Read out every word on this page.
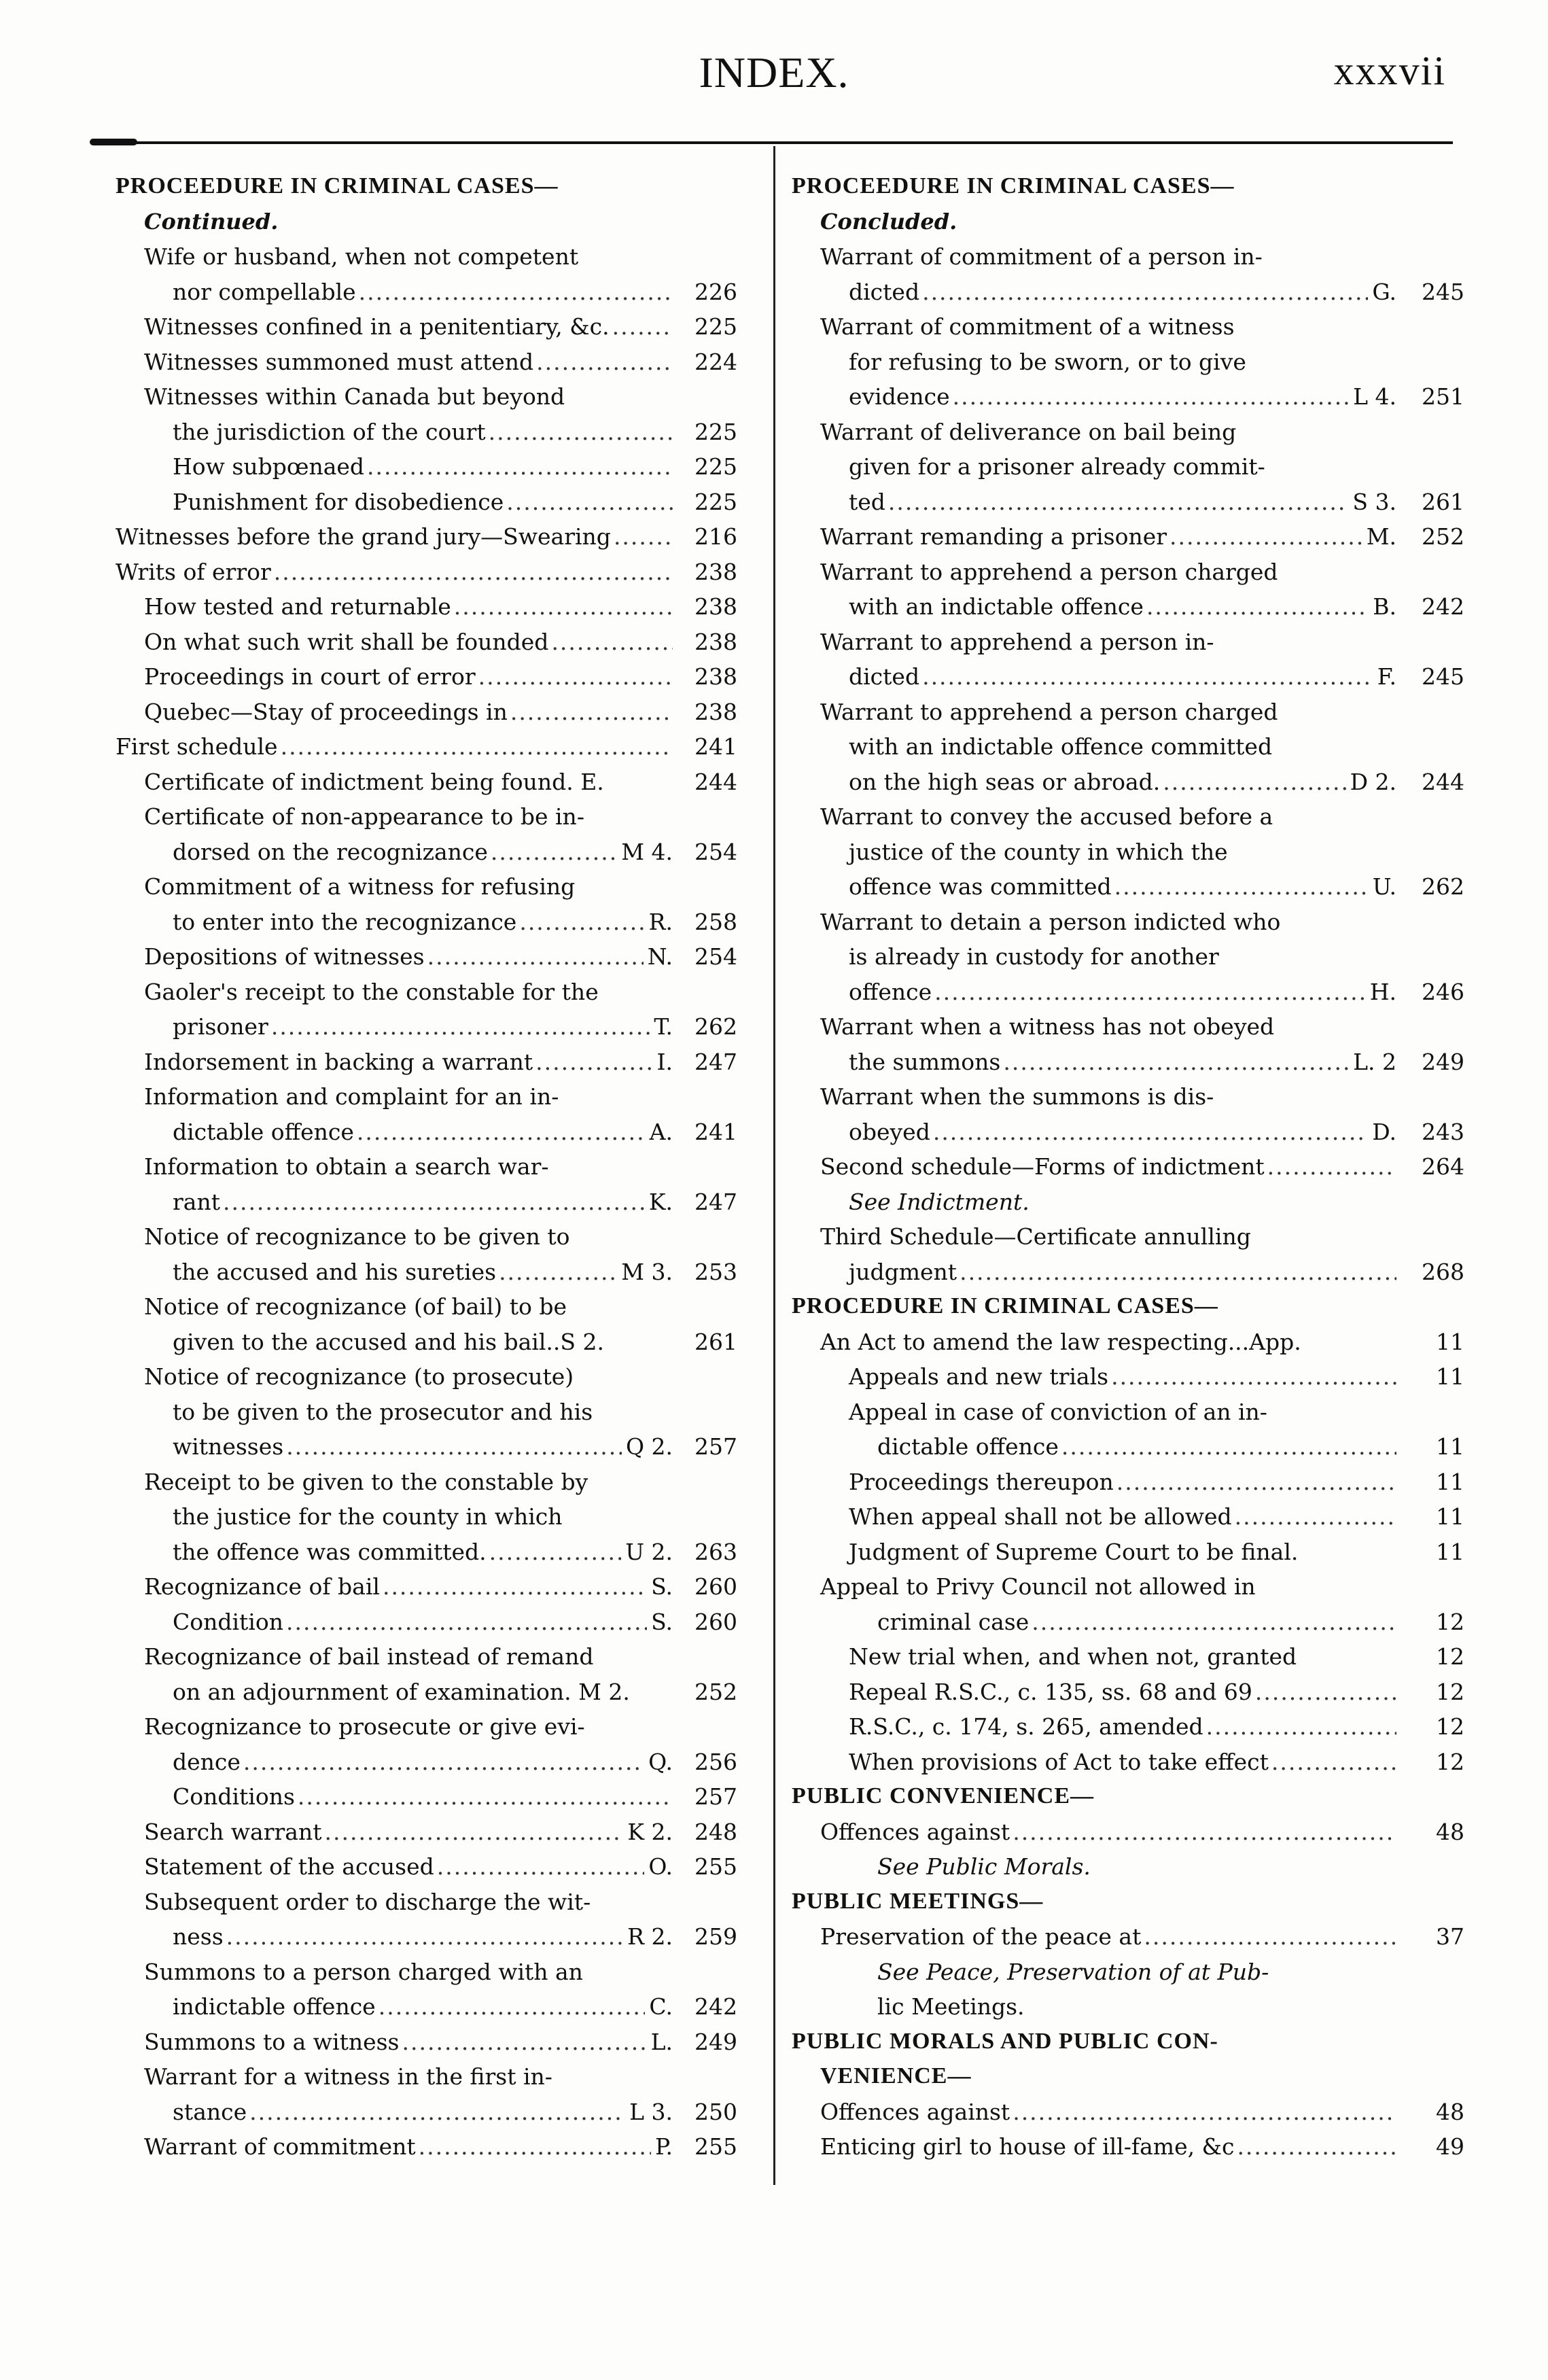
INDEX.	xxxvii
PROCEEDURE IN CRIMINAL CASES—
Continued.
Wife or husband, when not competent
nor compellable .....	226
Witnesses confined in a penitentiary, &c. .....	225
Witnesses summoned must attend .....	224
Witnesses within Canada but beyond
the jurisdiction of the court .....	225
How subpœnaed .....	225
Punishment for disobedience .....	225
Witnesses before the grand jury—Swearing .....	216
Writs of error .....	238
How tested and returnable .....	238
On what such writ shall be founded .....	238
Proceedings in court of error .....	238
Quebec—Stay of proceedings in .....	238
First schedule .....	241
Certificate of indictment being found. E.	244
Certificate of non-appearance to be in-
dorsed on the recognizance .....	M 4. 254
Commitment of a witness for refusing
to enter into the recognizance .....	R. 258
Depositions of witnesses .....	N. 254
Gaoler's receipt to the constable for the
prisoner .....	T. 262
Indorsement in backing a warrant .....	I. 247
Information and complaint for an in-
dictable offence .....	A. 241
Information to obtain a search war-
rant .....	K. 247
Notice of recognizance to be given to
the accused and his sureties .....	M 3. 253
Notice of recognizance (of bail) to be
given to the accused and his bail..S 2.	261
Notice of recognizance (to prosecute)
to be given to the prosecutor and his
witnesses .....	Q 2. 257
Receipt to be given to the constable by
the justice for the county in which
the offence was committed. .....	U 2. 263
Recognizance of bail .....	S. 260
Condition .....	S. 260
Recognizance of bail instead of remand
on an adjournment of examination. M 2.	252
Recognizance to prosecute or give evi-
dence .....	Q. 256
Conditions .....	257
Search warrant .....	K 2. 248
Statement of the accused .....	O. 255
Subsequent order to discharge the wit-
ness .....	R 2. 259
Summons to a person charged with an
indictable offence .....	C. 242
Summons to a witness .....	L. 249
Warrant for a witness in the first in-
stance .....	L 3. 250
Warrant of commitment .....	P. 255
PROCEEDURE IN CRIMINAL CASES—
Concluded.
Warrant of commitment of a person in-
dicted .....	G.	245
Warrant of commitment of a witness
for refusing to be sworn, or to give
evidence .....	L 4.	251
Warrant of deliverance on bail being
given for a prisoner already commit-
ted .....	S 3.	261
Warrant remanding a prisoner .....	M.	252
Warrant to apprehend a person charged
with an indictable offence .....	B.	242
Warrant to apprehend a person in-
dicted .....	F.	245
Warrant to apprehend a person charged
with an indictable offence committed
on the high seas or abroad. .....	D 2.	244
Warrant to convey the accused before a
justice of the county in which the
offence was committed .....	U.	262
Warrant to detain a person indicted who
is already in custody for another
offence .....	H.	246
Warrant when a witness has not obeyed
the summons .....	L. 2	249
Warrant when the summons is dis-
obeyed .....	D.	243
Second schedule—Forms of indictment .....	264
See Indictment.
Third Schedule—Certificate annulling
judgment .....	268
PROCEDURE IN CRIMINAL CASES—
An Act to amend the law respecting...App.	11
Appeals and new trials .....	11
Appeal in case of conviction of an in-
dictable offence .....	11
Proceedings thereupon .....	11
When appeal shall not be allowed .....	11
Judgment of Supreme Court to be final.	11
Appeal to Privy Council not allowed in
criminal case .....	12
New trial when, and when not, granted	12
Repeal R.S.C., c. 135, ss. 68 and 69 .....	12
R.S.C., c. 174, s. 265, amended .....	12
When provisions of Act to take effect .....	12
PUBLIC CONVENIENCE—
Offences against .....	48
See Public Morals.
PUBLIC MEETINGS—
Preservation of the peace at .....	37
See Peace, Preservation of at Pub-
lic Meetings.
PUBLIC MORALS AND PUBLIC CON-
VENIENCE—
Offences against .....	48
Enticing girl to house of ill-fame, &c .....	49
